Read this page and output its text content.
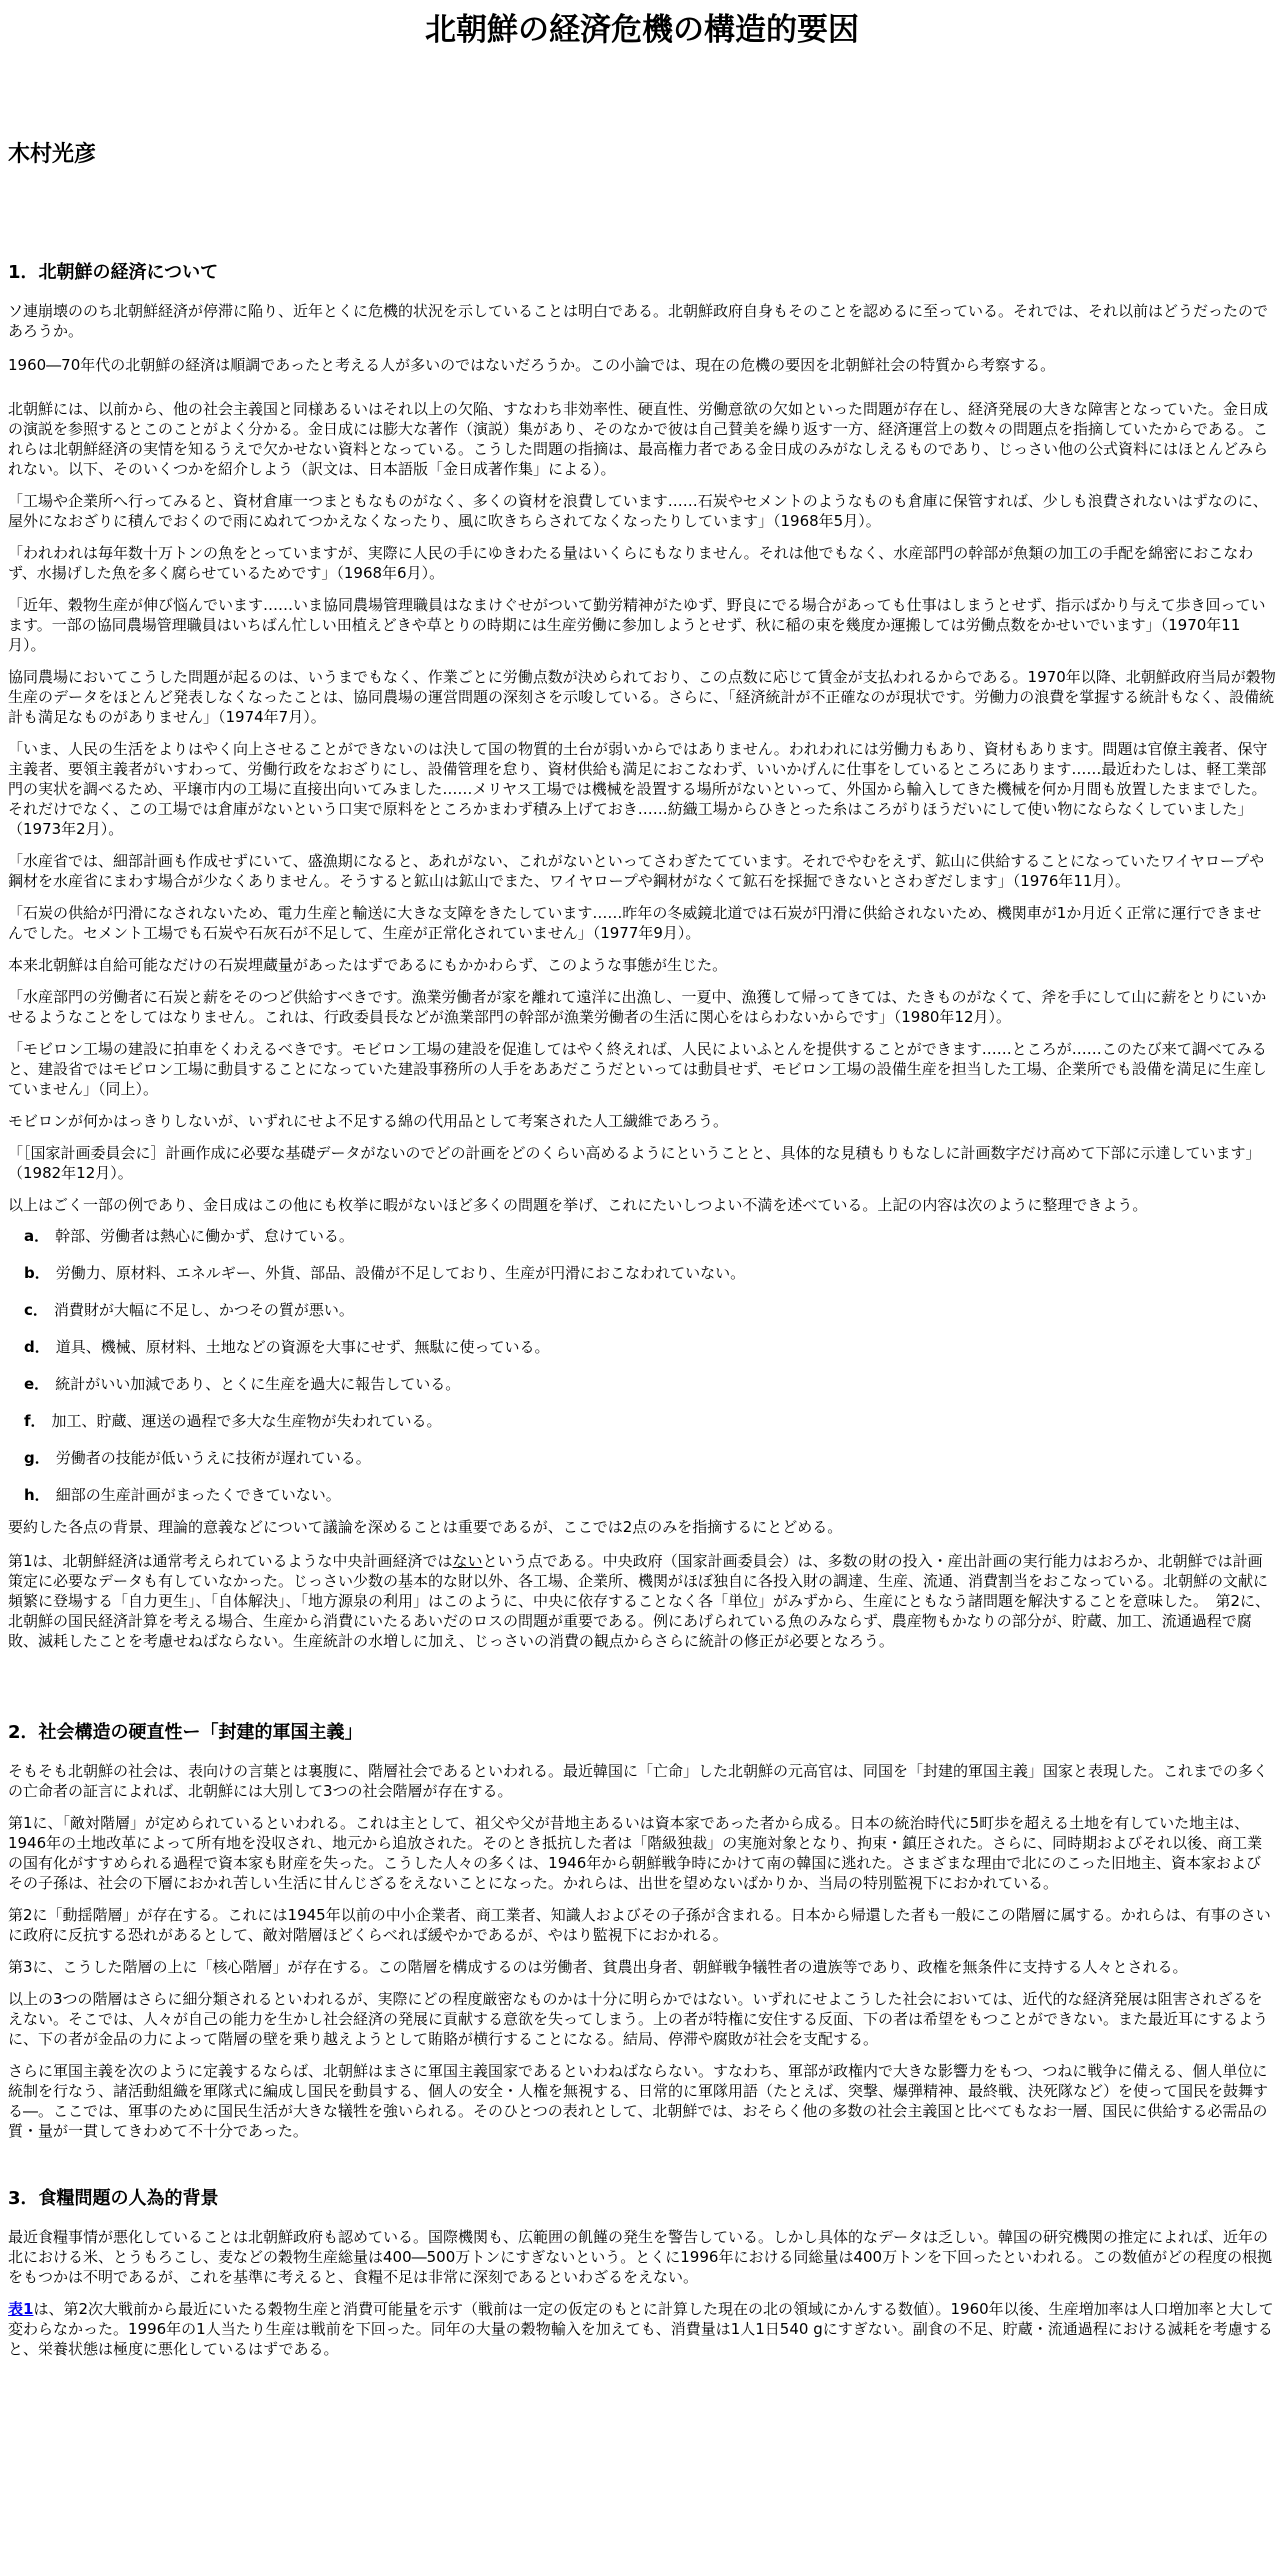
北朝鮮の経済危機の構造的要因
木村光彦
1．北朝鮮の経済について

ソ連崩壊ののち北朝鮮経済が停滞に陥り、近年とくに危機的状況を示していることは明白である。北朝鮮政府自身もそのことを認めるに至っている。それでは、それ以前はどうだったのであろうか。

1960―70年代の北朝鮮の経済は順調であったと考える人が多いのではないだろうか。この小論では、現在の危機の要因を北朝鮮社会の特質から考察する。

北朝鮮には、以前から、他の社会主義国と同様あるいはそれ以上の欠陥、すなわち非効率性、硬直性、労働意欲の欠如といった問題が存在し、経済発展の大きな障害となっていた。金日成の演説を参照するとこのことがよく分かる。金日成には膨大な著作（演説）集があり、そのなかで彼は自己賛美を繰り返す一方、経済運営上の数々の問題点を指摘していたからである。これらは北朝鮮経済の実情を知るうえで欠かせない資料となっている。こうした問題の指摘は、最高権力者である金日成のみがなしえるものであり、じっさい他の公式資料にはほとんどみられない。以下、そのいくつかを紹介しよう（訳文は、日本語版「金日成著作集」による）。

「工場や企業所へ行ってみると、資材倉庫一つまともなものがなく、多くの資材を浪費しています……石炭やセメントのようなものも倉庫に保管すれば、少しも浪費されないはずなのに、屋外になおざりに積んでおくので雨にぬれてつかえなくなったり、風に吹きちらされてなくなったりしています」（1968年5月）。

「われわれは毎年数十万トンの魚をとっていますが、実際に人民の手にゆきわたる量はいくらにもなりません。それは他でもなく、水産部門の幹部が魚類の加工の手配を綿密におこなわず、水揚げした魚を多く腐らせているためです」（1968年6月）。

「近年、穀物生産が伸び悩んでいます……いま協同農場管理職員はなまけぐせがついて勤労精神がたゆず、野良にでる場合があっても仕事はしまうとせず、指示ばかり与えて歩き回っています。一部の協同農場管理職員はいちばん忙しい田植えどきや草とりの時期には生産労働に参加しようとせず、秋に稲の束を幾度か運搬しては労働点数をかせいでいます」（1970年11月）。

協同農場においてこうした問題が起るのは、いうまでもなく、作業ごとに労働点数が決められており、この点数に応じて賃金が支払われるからである。1970年以降、北朝鮮政府当局が穀物生産のデータをほとんど発表しなくなったことは、協同農場の運営問題の深刻さを示唆している。さらに、「経済統計が不正確なのが現状です。労働力の浪費を掌握する統計もなく、設備統計も満足なものがありません」（1974年7月）。

「いま、人民の生活をよりはやく向上させることができないのは決して国の物質的土台が弱いからではありません。われわれには労働力もあり、資材もあります。問題は官僚主義者、保守主義者、要領主義者がいすわって、労働行政をなおざりにし、設備管理を怠り、資材供給も満足におこなわず、いいかげんに仕事をしているところにあります……最近わたしは、軽工業部門の実状を調べるため、平壌市内の工場に直接出向いてみました……メリヤス工場では機械を設置する場所がないといって、外国から輸入してきた機械を何か月間も放置したままでした。それだけでなく、この工場では倉庫がないという口実で原料をところかまわず積み上げておき……紡織工場からひきとった糸はころがりほうだいにして使い物にならなくしていました」（1973年2月）。

「水産省では、細部計画も作成せずにいて、盛漁期になると、あれがない、これがないといってさわぎたてています。それでやむをえず、鉱山に供給することになっていたワイヤロープや鋼材を水産省にまわす場合が少なくありません。そうすると鉱山は鉱山でまた、ワイヤロープや鋼材がなくて鉱石を採掘できないとさわぎだします」（1976年11月）。

「石炭の供給が円滑になされないため、電力生産と輸送に大きな支障をきたしています……昨年の冬威鏡北道では石炭が円滑に供給されないため、機関車が1か月近く正常に運行できませんでした。セメント工場でも石炭や石灰石が不足して、生産が正常化されていません」（1977年9月）。

本来北朝鮮は自給可能なだけの石炭埋蔵量があったはずであるにもかかわらず、このような事態が生じた。

「水産部門の労働者に石炭と薪をそのつど供給すべきです。漁業労働者が家を離れて遠洋に出漁し、一夏中、漁獲して帰ってきては、たきものがなくて、斧を手にして山に薪をとりにいかせるようなことをしてはなりません。これは、行政委員長などが漁業部門の幹部が漁業労働者の生活に関心をはらわないからです」（1980年12月）。

「モビロン工場の建設に拍車をくわえるべきです。モビロン工場の建設を促進してはやく終えれば、人民によいふとんを提供することができます……ところが……このたび来て調べてみると、建設省ではモビロン工場に動員することになっていた建設事務所の人手をああだこうだといっては動員せず、モビロン工場の設備生産を担当した工場、企業所でも設備を満足に生産していません」（同上）。

モビロンが何かはっきりしないが、いずれにせよ不足する綿の代用品として考案された人工繊維であろう。

「［国家計画委員会に］計画作成に必要な基礎データがないのでどの計画をどのくらい高めるようにということと、具体的な見積もりもなしに計画数字だけ高めて下部に示達しています」（1982年12月）。

以上はごく一部の例であり、金日成はこの他にも枚挙に暇がないほど多くの問題を挙げ、これにたいしつよい不満を述べている。上記の内容は次のように整理できよう。

a． 幹部、労働者は熱心に働かず、怠けている。
b． 労働力、原材料、エネルギー、外貨、部品、設備が不足しており、生産が円滑におこなわれていない。
c． 消費財が大幅に不足し、かつその質が悪い。
d． 道具、機械、原材料、土地などの資源を大事にせず、無駄に使っている。
e． 統計がいい加減であり、とくに生産を過大に報告している。
f． 加工、貯蔵、運送の過程で多大な生産物が失われている。
g． 労働者の技能が低いうえに技術が遅れている。
h． 細部の生産計画がまったくできていない。

要約した各点の背景、理論的意義などについて議論を深めることは重要であるが、ここでは2点のみを指摘するにとどめる。

第1は、北朝鮮経済は通常考えられているような中央計画経済ではないという点である。中央政府（国家計画委員会）は、多数の財の投入・産出計画の実行能力はおろか、北朝鮮では計画策定に必要なデータも有していなかった。じっさい少数の基本的な財以外、各工場、企業所、機関がほぼ独自に各投入財の調達、生産、流通、消費割当をおこなっている。北朝鮮の文献に頻繁に登場する「自力更生」、「自体解決」、「地方源泉の利用」はこのように、中央に依存することなく各「単位」がみずから、生産にともなう諸問題を解決することを意味した。　第2に、北朝鮮の国民経済計算を考える場合、生産から消費にいたるあいだのロスの問題が重要である。例にあげられている魚のみならず、農産物もかなりの部分が、貯蔵、加工、流通過程で腐敗、滅耗したことを考慮せねばならない。生産統計の水増しに加え、じっさいの消費の観点からさらに統計の修正が必要となろう。

2．社会構造の硬直性ー「封建的軍国主義」

そもそも北朝鮮の社会は、表向けの言葉とは裏腹に、階層社会であるといわれる。最近韓国に「亡命」した北朝鮮の元高官は、同国を「封建的軍国主義」国家と表現した。これまでの多くの亡命者の証言によれば、北朝鮮には大別して3つの社会階層が存在する。

第1に、「敵対階層」が定められているといわれる。これは主として、祖父や父が昔地主あるいは資本家であった者から成る。日本の統治時代に5町歩を超える土地を有していた地主は、1946年の土地改革によって所有地を没収され、地元から追放された。そのとき抵抗した者は「階級独裁」の実施対象となり、拘束・鎮圧された。さらに、同時期およびそれ以後、商工業の国有化がすすめられる過程で資本家も財産を失った。こうした人々の多くは、1946年から朝鮮戦争時にかけて南の韓国に逃れた。さまざまな理由で北にのこった旧地主、資本家およびその子孫は、社会の下層におかれ苦しい生活に甘んじざるをえないことになった。かれらは、出世を望めないばかりか、当局の特別監視下におかれている。

第2に「動揺階層」が存在する。これには1945年以前の中小企業者、商工業者、知識人およびその子孫が含まれる。日本から帰還した者も一般にこの階層に属する。かれらは、有事のさいに政府に反抗する恐れがあるとして、敵対階層ほどくらべれば緩やかであるが、やはり監視下におかれる。

第3に、こうした階層の上に「核心階層」が存在する。この階層を構成するのは労働者、貧農出身者、朝鮮戦争犠牲者の遺族等であり、政権を無条件に支持する人々とされる。

以上の3つの階層はさらに細分類されるといわれるが、実際にどの程度厳密なものかは十分に明らかではない。いずれにせよこうした社会においては、近代的な経済発展は阻害されざるをえない。そこでは、人々が自己の能力を生かし社会経済の発展に貢献する意欲を失ってしまう。上の者が特権に安住する反面、下の者は希望をもつことができない。また最近耳にするように、下の者が金品の力によって階層の壁を乗り越えようとして賄賂が横行することになる。結局、停滞や腐敗が社会を支配する。

さらに軍国主義を次のように定義するならば、北朝鮮はまさに軍国主義国家であるといわねばならない。すなわち、軍部が政権内で大きな影響力をもつ、つねに戦争に備える、個人単位に統制を行なう、諸活動組織を軍隊式に編成し国民を動員する、個人の安全・人権を無視する、日常的に軍隊用語（たとえば、突撃、爆弾精神、最終戦、決死隊など）を使って国民を鼓舞する―。ここでは、軍事のために国民生活が大きな犠牲を強いられる。そのひとつの表れとして、北朝鮮では、おそらく他の多数の社会主義国と比べてもなお一層、国民に供給する必需品の質・量が一貫してきわめて不十分であった。

3．食糧問題の人為的背景

最近食糧事情が悪化していることは北朝鮮政府も認めている。国際機関も、広範囲の飢饉の発生を警告している。しかし具体的なデータは乏しい。韓国の研究機関の推定によれば、近年の北における米、とうもろこし、麦などの穀物生産総量は400―500万トンにすぎないという。とくに1996年における同総量は400万トンを下回ったといわれる。この数値がどの程度の根拠をもつかは不明であるが、これを基準に考えると、食糧不足は非常に深刻であるといわざるをえない。

表1は、第2次大戦前から最近にいたる穀物生産と消費可能量を示す（戦前は一定の仮定のもとに計算した現在の北の領域にかんする数値）。1960年以後、生産増加率は人口増加率と大して変わらなかった。1996年の1人当たり生産は戦前を下回った。同年の大量の穀物輸入を加えても、消費量は1人1日540 gにすぎない。副食の不足、貯蔵・流通過程における滅耗を考慮すると、栄養状態は極度に悪化しているはずである。
